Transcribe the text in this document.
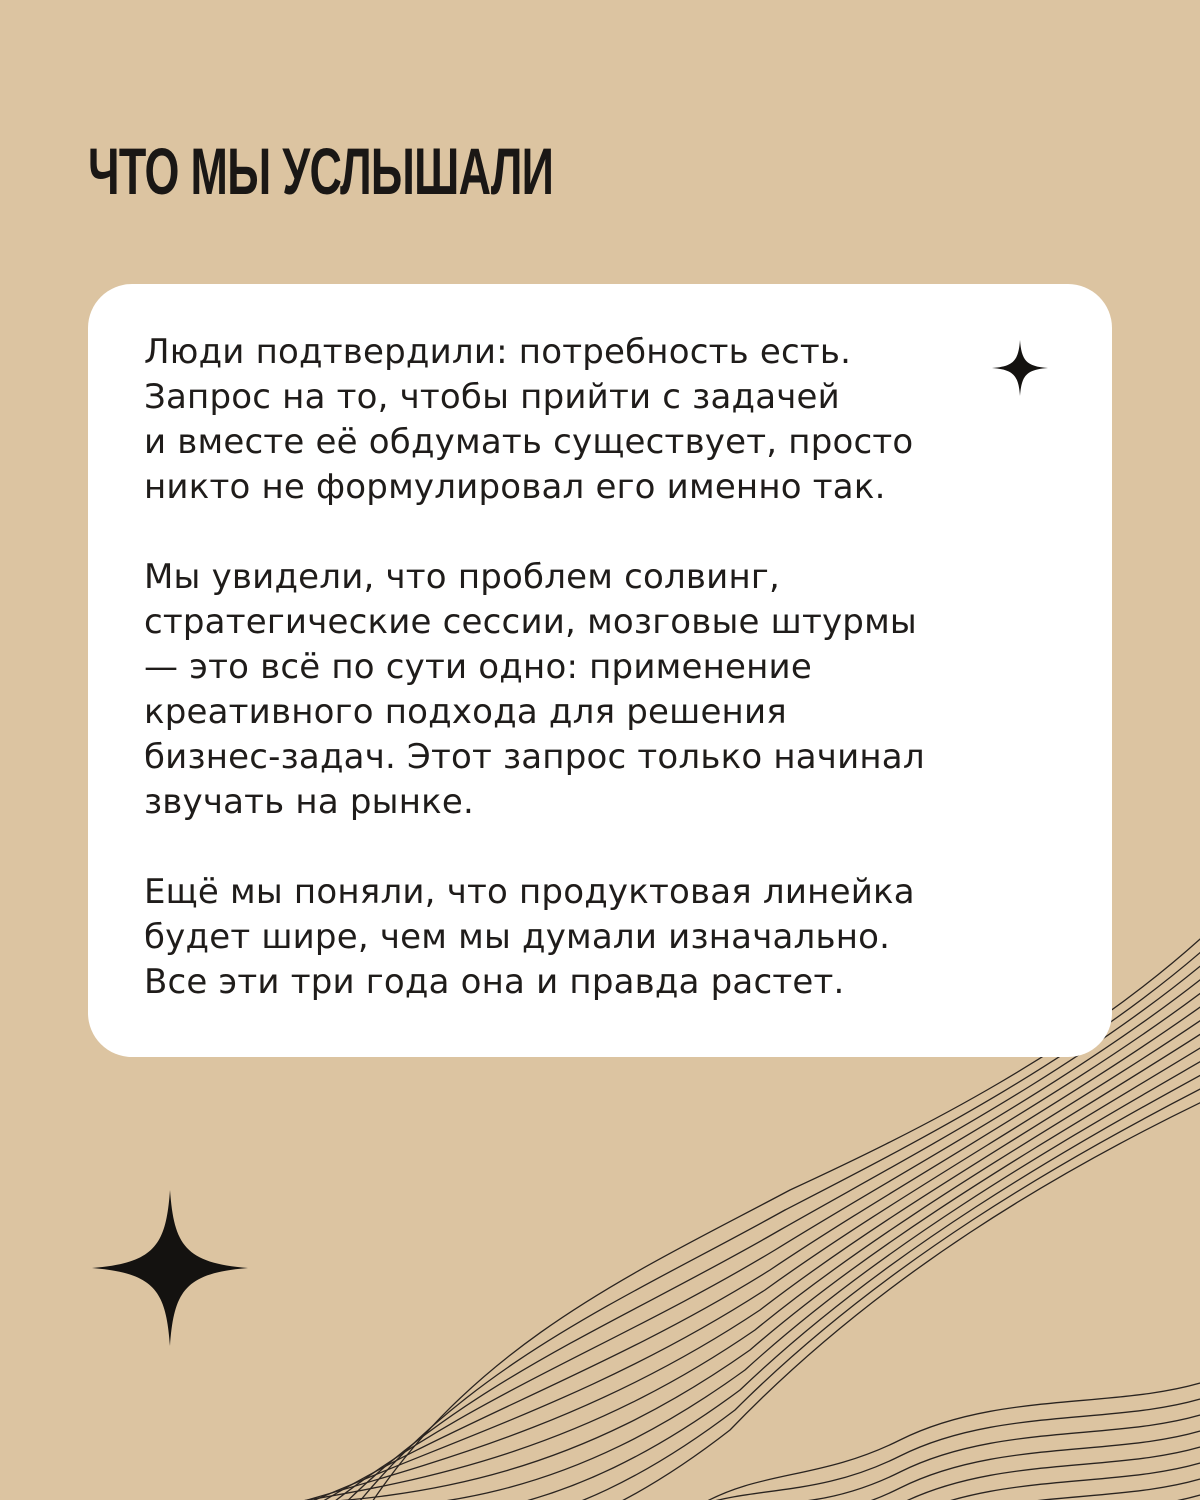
ЧТО МЫ УСЛЫШАЛИ

Люди подтвердили: потребность есть.
Запрос на то, чтобы прийти с задачей
и вместе её обдумать существует, просто
никто не формулировал его именно так.

Мы увидели, что проблем солвинг,
стратегические сессии, мозговые штурмы
— это всё по сути одно: применение
креативного подхода для решения
бизнес-задач. Этот запрос только начинал
звучать на рынке.

Ещё мы поняли, что продуктовая линейка
будет шире, чем мы думали изначально.
Все эти три года она и правда растет.
